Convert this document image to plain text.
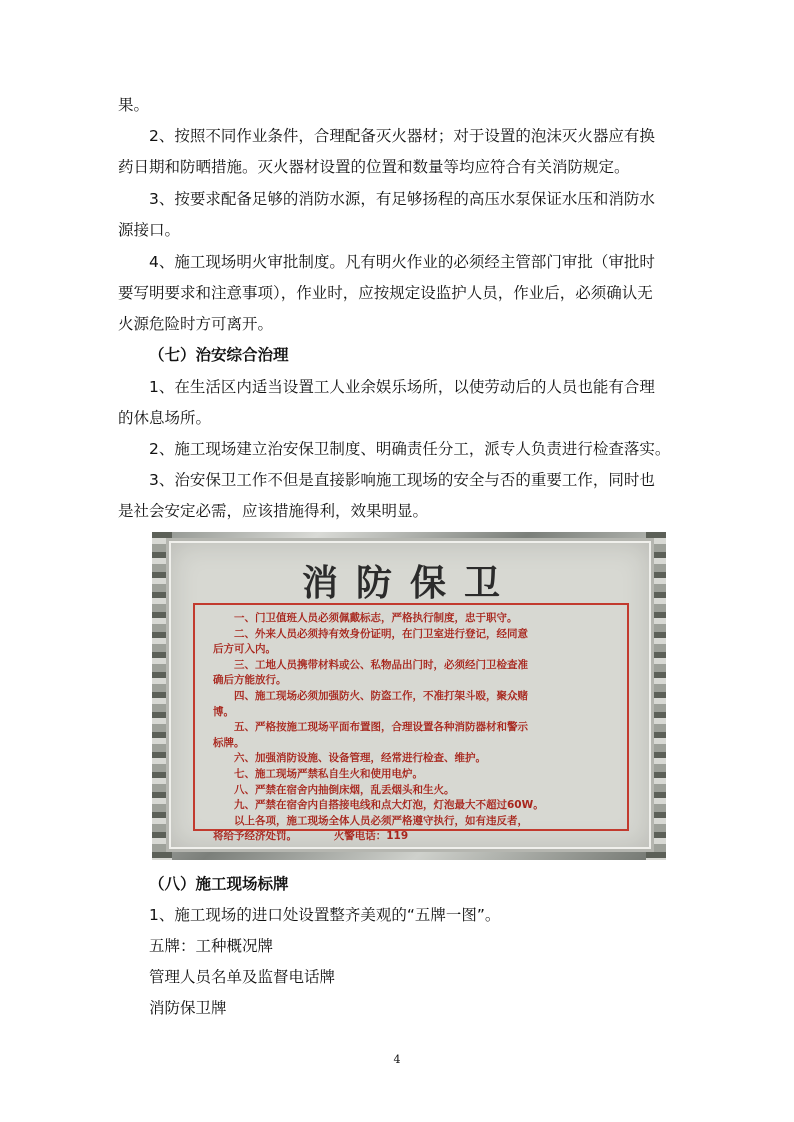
果。

2、按照不同作业条件，合理配备灭火器材；对于设置的泡沫灭火器应有换

药日期和防晒措施。灭火器材设置的位置和数量等均应符合有关消防规定。

3、按要求配备足够的消防水源，有足够扬程的高压水泵保证水压和消防水

源接口。

4、施工现场明火审批制度。凡有明火作业的必须经主管部门审批（审批时

要写明要求和注意事项），作业时，应按规定设监护人员，作业后，必须确认无

火源危险时方可离开。

（七）治安综合治理

1、在生活区内适当设置工人业余娱乐场所，以使劳动后的人员也能有合理

的休息场所。

2、施工现场建立治安保卫制度、明确责任分工，派专人负责进行检查落实。

3、治安保卫工作不但是直接影响施工现场的安全与否的重要工作，同时也

是社会安定必需，应该措施得利，效果明显。

消防保卫
　　一、门卫值班人员必须佩戴标志，严格执行制度，忠于职守。
　　二、外来人员必须持有效身份证明，在门卫室进行登记，经同意
后方可入内。
　　三、工地人员携带材料或公、私物品出门时，必须经门卫检查准
确后方能放行。
　　四、施工现场必须加强防火、防盗工作，不准打架斗殴，聚众赌
博。
　　五、严格按施工现场平面布置图，合理设置各种消防器材和警示
标牌。
　　六、加强消防设施、设备管理，经常进行检查、维护。
　　七、施工现场严禁私自生火和使用电炉。
　　八、严禁在宿舍内抽倒床烟，乱丢烟头和生火。
　　九、严禁在宿舍内自搭接电线和点大灯泡，灯泡最大不超过60W。
　　以上各项，施工现场全体人员必须严格遵守执行，如有违反者，
将给予经济处罚。　　　　火警电话：119

（八）施工现场标牌

1、施工现场的进口处设置整齐美观的“五牌一图”。

五牌：工种概况牌

管理人员名单及监督电话牌

消防保卫牌

4
